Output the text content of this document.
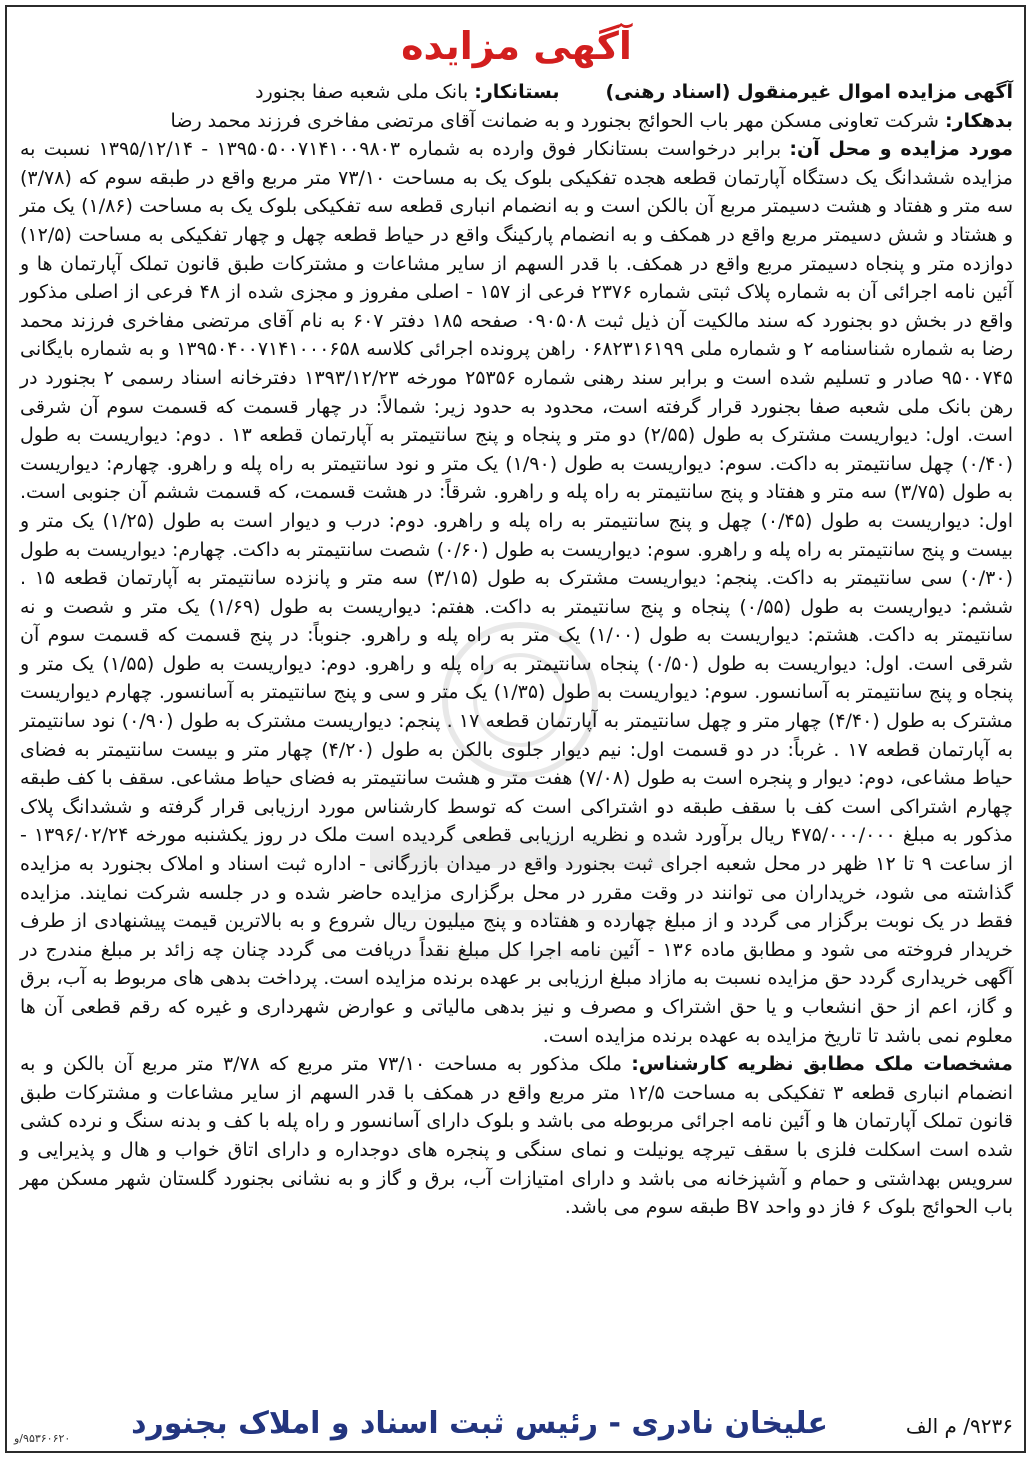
آگهی مزایده

آگهی مزایده اموال غیرمنقول (اسناد رهنی)  بستانکار: بانک ملی شعبه صفا بجنورد

بدهکار: شرکت تعاونی مسکن مهر باب الحوائج بجنورد و به ضمانت آقای مرتضی مفاخری فرزند محمد رضا

مورد مزایده و محل آن: برابر درخواست بستانکار فوق وارده به شماره ۱۳۹۵۰۵۰۰۷۱۴۱۰۰۹۸۰۳ - ۱۳۹۵/۱۲/۱۴ نسبت به مزایده ششدانگ یک دستگاه آپارتمان قطعه هجده تفکیکی بلوک یک به مساحت ۷۳/۱۰ متر مربع واقع در طبقه سوم که (۳/۷۸) سه متر و هفتاد و هشت دسیمتر مربع آن بالکن است و به انضمام انباری قطعه سه تفکیکی بلوک یک به مساحت (۱/۸۶) یک متر و هشتاد و شش دسیمتر مربع واقع در همکف و به انضمام پارکینگ واقع در حیاط قطعه چهل و چهار تفکیکی به مساحت (۱۲/۵) دوازده متر و پنجاه دسیمتر مربع واقع در همکف. با قدر السهم از سایر مشاعات و مشترکات طبق قانون تملک آپارتمان ها و آئین نامه اجرائی آن به شماره پلاک ثبتی شماره ۲۳۷۶ فرعی از ۱۵۷ - اصلی مفروز و مجزی شده از ۴۸ فرعی از اصلی مذکور واقع در بخش دو بجنورد که سند مالکیت آن ذیل ثبت ۰۹۰۵۰۸ صفحه ۱۸۵ دفتر ۶۰۷ به نام آقای مرتضی مفاخری فرزند محمد رضا به شماره شناسنامه ۲ و شماره ملی ۰۶۸۲۳۱۶۱۹۹ راهن پرونده اجرائی کلاسه ۱۳۹۵۰۴۰۰۷۱۴۱۰۰۰۶۵۸ و به شماره بایگانی ۹۵۰۰۷۴۵ صادر و تسلیم شده است و برابر سند رهنی شماره ۲۵۳۵۶ مورخه ۱۳۹۳/۱۲/۲۳ دفترخانه اسناد رسمی ۲ بجنورد در رهن بانک ملی شعبه صفا بجنورد قرار گرفته است، محدود به حدود زیر: شمالاً: در چهار قسمت که قسمت سوم آن شرقی است. اول: دیواریست مشترک به طول (۲/۵۵) دو متر و پنجاه و پنج سانتیمتر به آپارتمان قطعه ۱۳ . دوم: دیواریست به طول (۰/۴۰) چهل سانتیمتر به داکت. سوم: دیواریست به طول (۱/۹۰) یک متر و نود سانتیمتر به راه پله و راهرو. چهارم: دیواریست به طول (۳/۷۵) سه متر و هفتاد و پنج سانتیمتر به راه پله و راهرو. شرقاً: در هشت قسمت، که قسمت ششم آن جنوبی است. اول: دیواریست به طول (۰/۴۵) چهل و پنج سانتیمتر به راه پله و راهرو. دوم: درب و دیوار است به طول (۱/۲۵) یک متر و بیست و پنج سانتیمتر به راه پله و راهرو. سوم: دیواریست به طول (۰/۶۰) شصت سانتیمتر به داکت. چهارم: دیواریست به طول (۰/۳۰) سی سانتیمتر به داکت. پنجم: دیواریست مشترک به طول (۳/۱۵) سه متر و پانزده سانتیمتر به آپارتمان قطعه ۱۵ . ششم: دیواریست به طول (۰/۵۵) پنجاه و پنج سانتیمتر به داکت. هفتم: دیواریست به طول (۱/۶۹) یک متر و شصت و نه سانتیمتر به داکت. هشتم: دیواریست به طول (۱/۰۰) یک متر به راه پله و راهرو. جنوباً: در پنج قسمت که قسمت سوم آن شرقی است. اول: دیواریست به طول (۰/۵۰) پنجاه سانتیمتر به راه پله و راهرو. دوم: دیواریست به طول (۱/۵۵) یک متر و پنجاه و پنج سانتیمتر به آسانسور. سوم: دیواریست به طول (۱/۳۵) یک متر و سی و پنج سانتیمتر به آسانسور. چهارم دیواریست مشترک به طول (۴/۴۰) چهار متر و چهل سانتیمتر به آپارتمان قطعه ۱۷ . پنجم: دیواریست مشترک به طول (۰/۹۰) نود سانتیمتر به آپارتمان قطعه ۱۷ . غرباً: در دو قسمت اول: نیم دیوار جلوی بالکن به طول (۴/۲۰) چهار متر و بیست سانتیمتر به فضای حیاط مشاعی، دوم: دیوار و پنجره است به طول (۷/۰۸) هفت متر و هشت سانتیمتر به فضای حیاط مشاعی. سقف با کف طبقه چهارم اشتراکی است کف با سقف طبقه دو اشتراکی است که توسط کارشناس مورد ارزیابی قرار گرفته و ششدانگ پلاک مذکور به مبلغ ۴۷۵/۰۰۰/۰۰۰ ریال برآورد شده و نظریه ارزیابی قطعی گردیده است ملک در روز یکشنبه مورخه ۱۳۹۶/۰۲/۲۴ - از ساعت ۹ تا ۱۲ ظهر در محل شعبه اجرای ثبت بجنورد واقع در میدان بازرگانی - اداره ثبت اسناد و املاک بجنورد به مزایده گذاشته می شود، خریداران می توانند در وقت مقرر در محل برگزاری مزایده حاضر شده و در جلسه شرکت نمایند. مزایده فقط در یک نوبت برگزار می گردد و از مبلغ چهارده و هفتاده و پنج میلیون ریال شروع و به بالاترین قیمت پیشنهادی از طرف خریدار فروخته می شود و مطابق ماده ۱۳۶ - آئین نامه اجرا کل مبلغ نقداً دریافت می گردد چنان چه زائد بر مبلغ مندرج در آگهی خریداری گردد حق مزایده نسبت به مازاد مبلغ ارزیابی بر عهده برنده مزایده است. پرداخت بدهی های مربوط به آب، برق و گاز، اعم از حق انشعاب و یا حق اشتراک و مصرف و نیز بدهی مالیاتی و عوارض شهرداری و غیره که رقم قطعی آن ها معلوم نمی باشد تا تاریخ مزایده به عهده برنده مزایده است.

مشخصات ملک مطابق نظریه کارشناس: ملک مذکور به مساحت ۷۳/۱۰ متر مربع که ۳/۷۸ متر مربع آن بالکن و به انضمام انباری قطعه ۳ تفکیکی به مساحت ۱۲/۵ متر مربع واقع در همکف با قدر السهم از سایر مشاعات و مشترکات طبق قانون تملک آپارتمان ها و آئین نامه اجرائی مربوطه می باشد و بلوک دارای آسانسور و راه پله با کف و بدنه سنگ و نرده کشی شده است اسکلت فلزی با سقف تیرچه یونیلت و نمای سنگی و پنجره های دوجداره و دارای اتاق خواب و هال و پذیرایی و سرویس بهداشتی و حمام و آشپزخانه می باشد و دارای امتیازات آب، برق و گاز و به نشانی بجنورد گلستان شهر مسکن مهر باب الحوائج بلوک ۶ فاز دو واحد B۷ طبقه سوم می باشد.

علیخان نادری - رئیس ثبت اسناد و املاک بجنورد	۹۲۳۶/ م الف
۹۵۳۶۰۶۲۰/و
